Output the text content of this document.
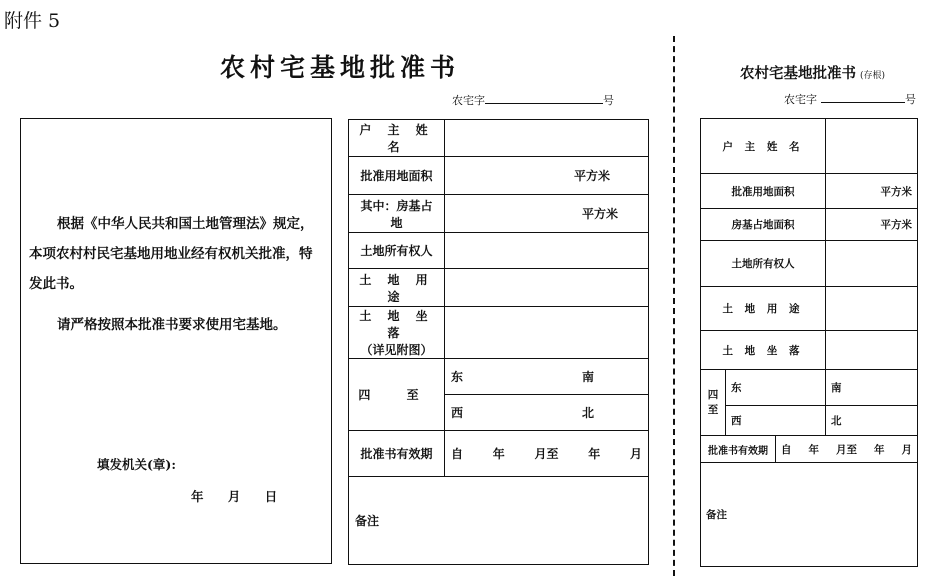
附件 5
农村宅基地批准书
农宅字	号
根据《中华人民共和国土地管理法》规定，本项农村村民宅基地用地业经有权机关批准，特发此书。
请严格按照本批准书要求使用宅基地。
填发机关(章):
年 月 日
户 主 姓 名	
批准用地面积	平方米
其中：房基占地	平方米
土地所有权人	
土 地 用 途	

土 地 坐 落
（详见附图）	

四 至	东 南

	西 北

批准书有效期	自 年 月至 年 月

备注	
农村宅基地批准书 (存根)
农宅字	号
户 主 姓 名			
批准用地面积			平方米
房基占地面积			平方米
土地所有权人			
土 地 用 途			
土 地 坐 落			

四
至	东		南
	西		北
批准书有效期		自 年 月至 年 月	

备注			
